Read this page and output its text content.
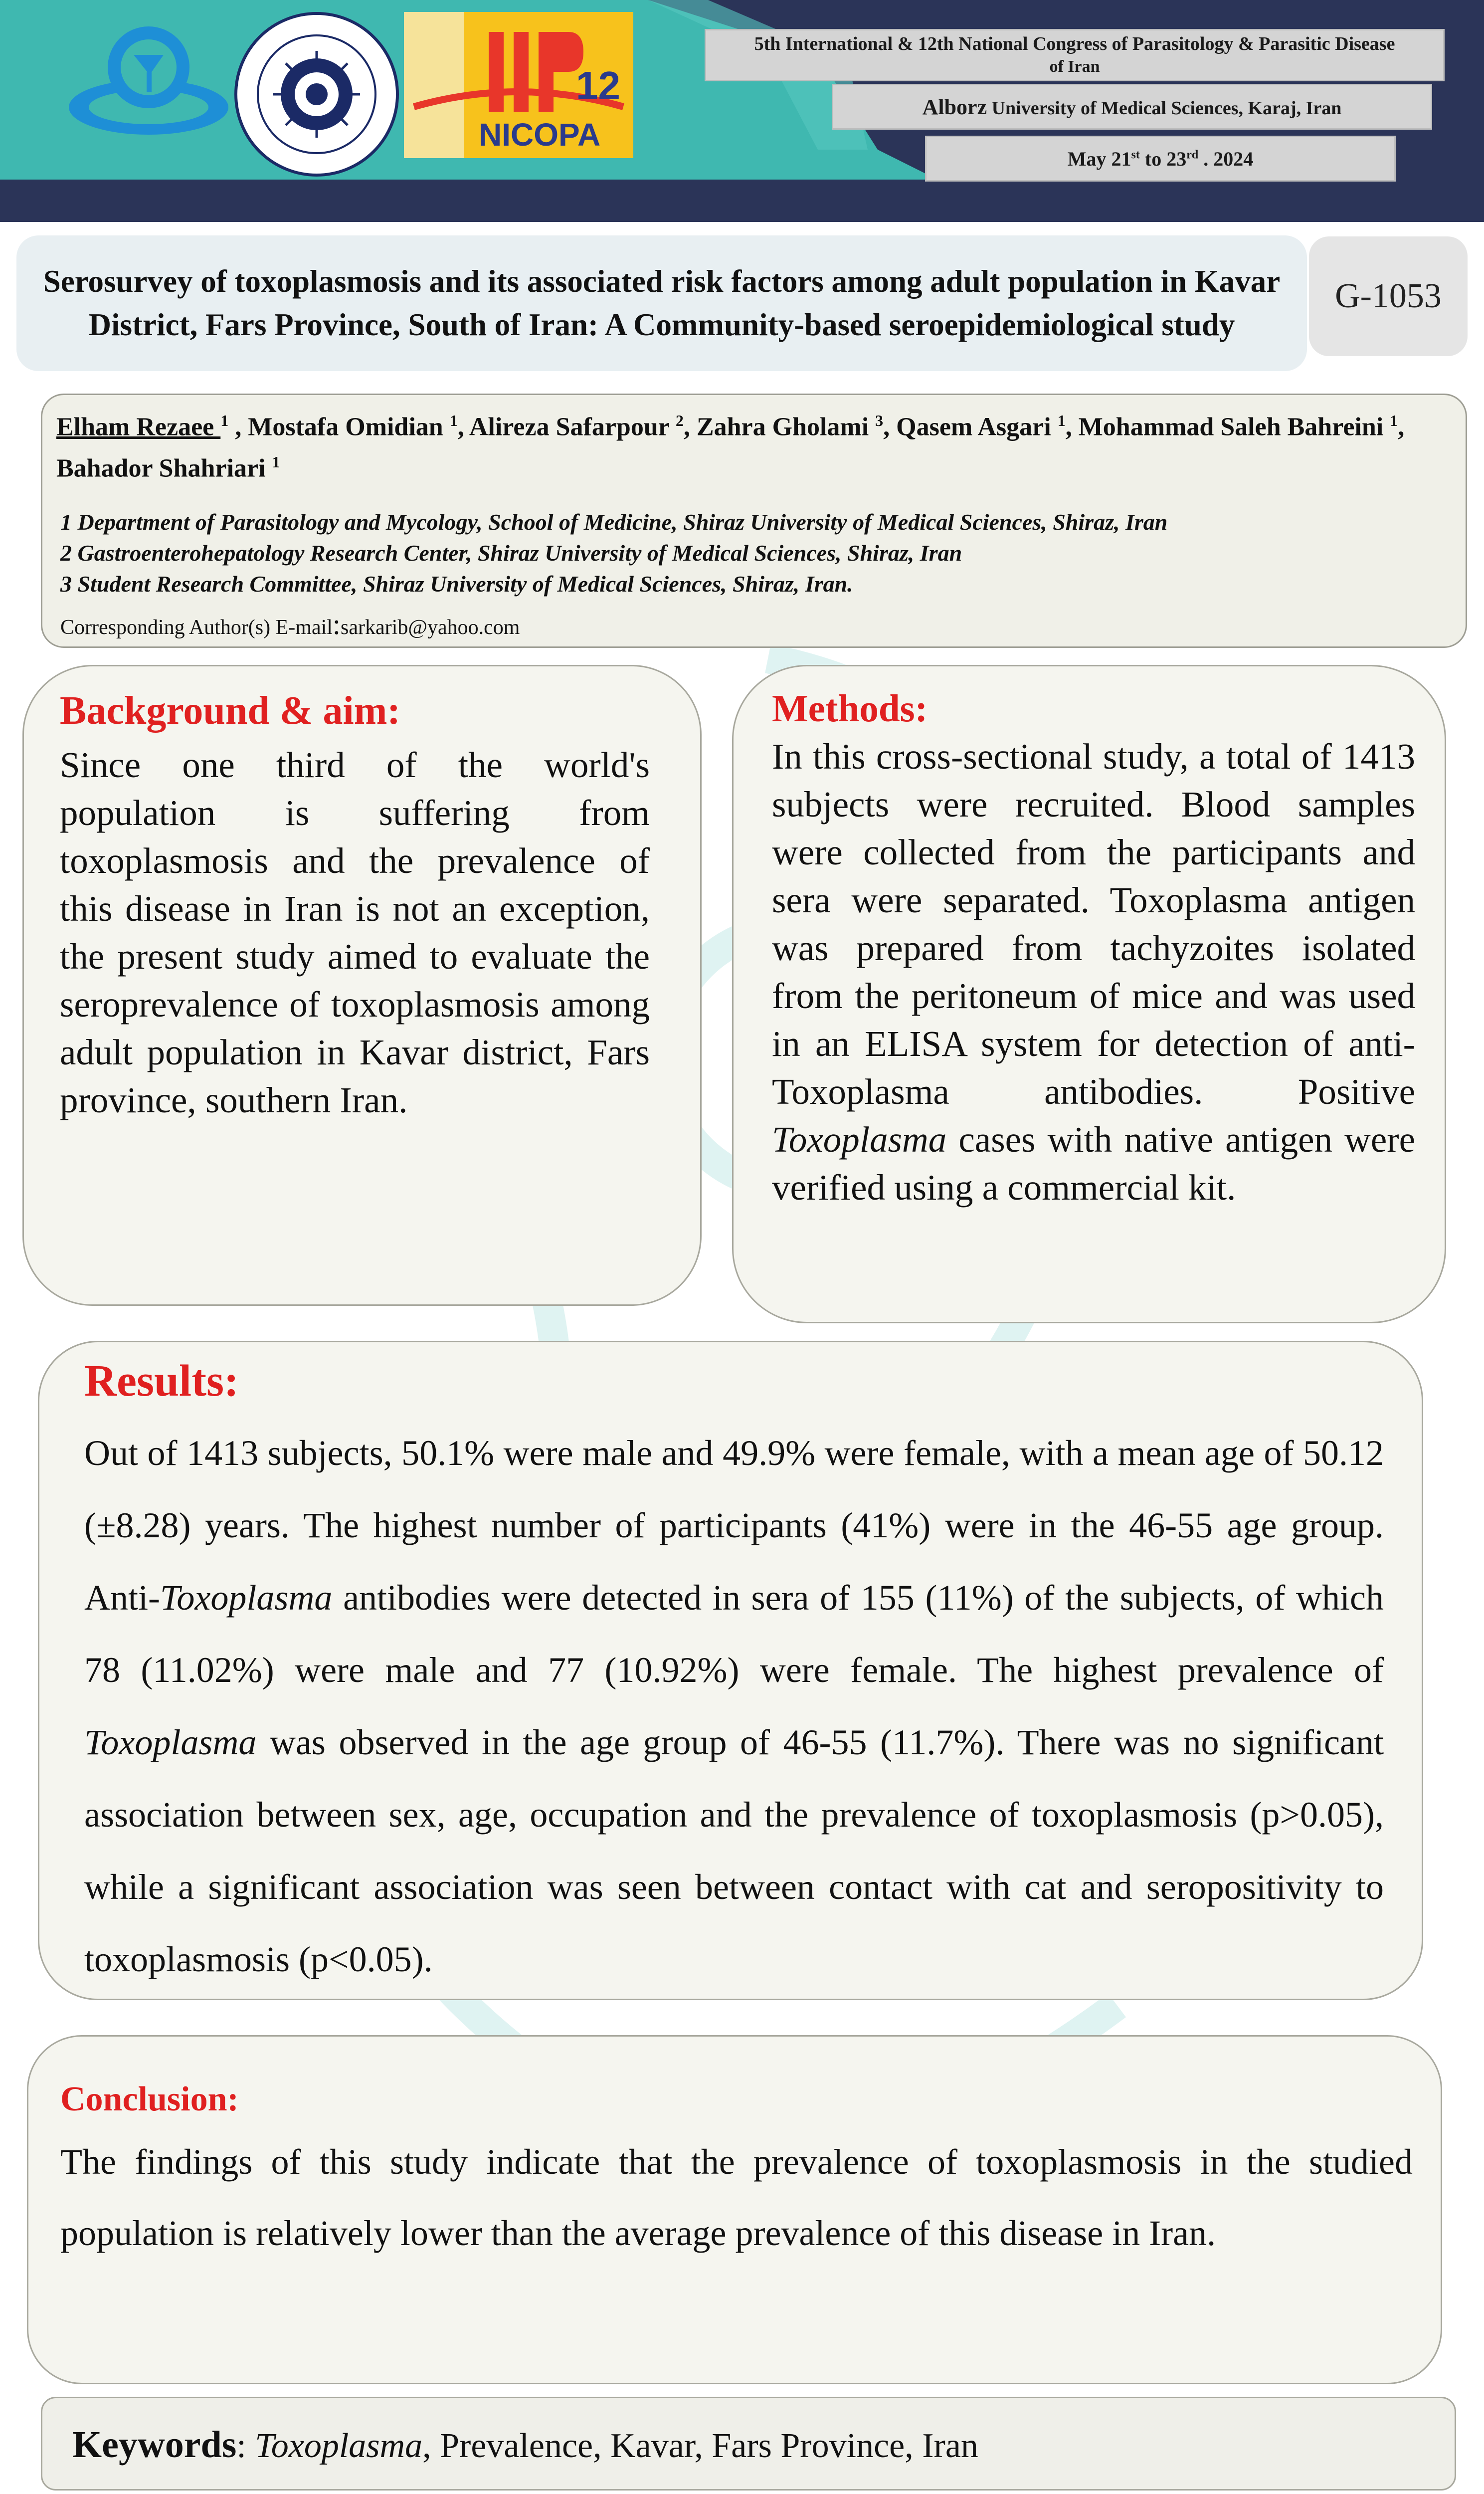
12
NICOPA
5th International & 12th National Congress of Parasitology & Parasitic Disease
of Iran
Alborz University of Medical Sciences, Karaj, Iran
May 21st to 23rd . 2024
Serosurvey of toxoplasmosis and its associated risk factors among adult population in Kavar District, Fars Province, South of Iran: A Community-based seroepidemiological study
G-1053
Elham Rezaee $^1$ , Mostafa Omidian $^1$, Alireza Safarpour $^2$, Zahra Gholami $^3$, Qasem Asgari $^1$, Mohammad Saleh Bahreini $^1$, Bahador Shahriari $^1$
1 Department of Parasitology and Mycology, School of Medicine, Shiraz University of Medical Sciences, Shiraz, Iran
2 Gastroenterohepatology Research Center, Shiraz University of Medical Sciences, Shiraz, Iran
3 Student Research Committee, Shiraz University of Medical Sciences, Shiraz, Iran.
Corresponding Author(s) E-mail:sarkarib@yahoo.com
Background & aim:
Since one third of the world's population is suffering from toxoplasmosis and the prevalence of this disease in Iran is not an exception, the present study aimed to evaluate the seroprevalence of toxoplasmosis among adult population in Kavar district, Fars province, southern Iran.
Methods:
In this cross-sectional study, a total of 1413 subjects were recruited. Blood samples were collected from the participants and sera were separated. Toxoplasma antigen was prepared from tachyzoites isolated from the peritoneum of mice and was used in an ELISA system for detection of anti-Toxoplasma antibodies. Positive Toxoplasma cases with native antigen were verified using a commercial kit.
Results:
Out of 1413 subjects, 50.1% were male and 49.9% were female, with a mean age of 50.12 (±8.28) years. The highest number of participants (41%) were in the 46-55 age group. Anti-Toxoplasma antibodies were detected in sera of 155 (11%) of the subjects, of which 78 (11.02%) were male and 77 (10.92%) were female. The highest prevalence of Toxoplasma was observed in the age group of 46-55 (11.7%). There was no significant association between sex, age, occupation and the prevalence of toxoplasmosis (p>0.05), while a significant association was seen between contact with cat and seropositivity to toxoplasmosis (p<0.05).
Conclusion:
The findings of this study indicate that the prevalence of toxoplasmosis in the studied population is relatively lower than the average prevalence of this disease in Iran.
Keywords: Toxoplasma, Prevalence, Kavar, Fars Province, Iran
